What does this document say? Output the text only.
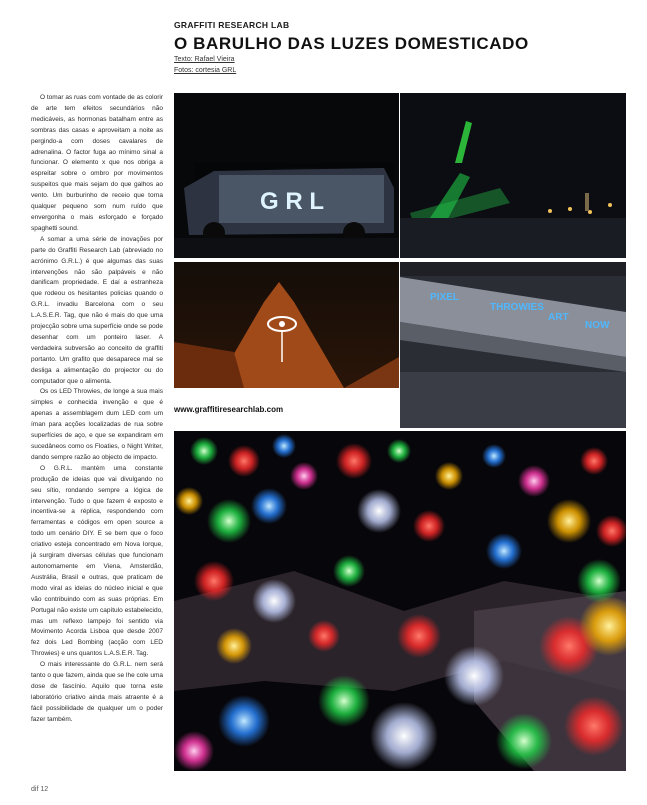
GRAFFITI RESEARCH LAB
O BARULHO DAS LUZES DOMESTICADO
Texto: Rafael Vieira
Fotos: cortesia GRL

O tomar as ruas com vontade de as colorir de arte tem efeitos secundários não medicáveis, as hormonas batalham entre as sombras das casas e aproveitam a noite as pergindo-a com doses cavalares de adrenalina. O factor fuga ao mínimo sinal a funcionar. O elemento x que nos obriga a espreitar sobre o ombro por movimentos suspeitos que mais sejam do que galhos ao vento. Um burburinho de receio que torna qualquer pequeno som num ruído que envergonha o mais esforçado e forçado spaghetti sound.

A somar a uma série de inovações por parte do Graffiti Research Lab (abreviado no acrónimo G.R.L.) é que algumas das suas intervenções não são palpáveis e não danificam propriedade. E daí a estranheza que rodeou os hesitantes policias quando o G.R.L. invadiu Barcelona com o seu L.A.S.E.R. Tag, que não é mais do que uma projecção sobre uma superfície onde se pode desenhar com um ponteiro laser. A verdadeira subversão ao conceito de graffiti portanto. Um grafito que desaparece mal se desliga a alimentação do projector ou do computador que o alimenta.

Os os LED Throwies, de longe a sua mais simples e conhecida invenção e que é apenas a assemblagem dum LED com um íman para acções localizadas de rua sobre superfícies de aço, e que se expandiram em sucedâneos como os Floaties, o Night Writer, dando sempre razão ao objecto de impacto.

O G.R.L. mantém uma constante produção de ideias que vai divulgando no seu sítio, rondando sempre a lógica de intervenção. Tudo o que fazem é exposto e incentiva-se a réplica, respondendo com ferramentas e códigos em open source a todo um cenário DIY. E se bem que o foco criativo esteja concentrado em Nova Iorque, já surgiram diversas células que funcionam autonomamente em Viena, Amsterdão, Austrália, Brasil e outras, que praticam de modo viral as ideias do núcleo inicial e que vão contribuindo com as suas próprias. Em Portugal não existe um capítulo estabelecido, mas um reflexo lampejo foi sentido via Movimento Acorda Lisboa que desde 2007 fez dois Led Bombing (acção com LED Throwies) e uns quantos L.A.S.E.R. Tag.

O mais interessante do G.R.L. nem será tanto o que fazem, ainda que se lhe cole uma dose de fascínio. Aquilo que torna este laboratório criativo ainda mais atraente é a fácil possibilidade de qualquer um o poder fazer também.

G R L
PIXEL
THROWIES
ART
NOW
www.graffitiresearchlab.com
dif 12
